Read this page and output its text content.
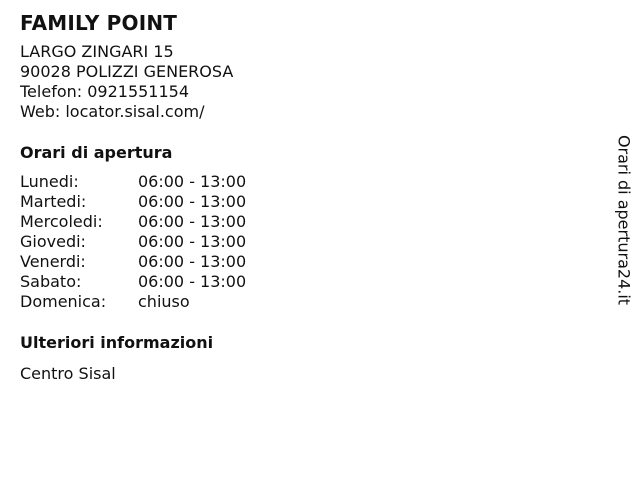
FAMILY POINT
LARGO ZINGARI 15
90028 POLIZZI GENEROSA
Telefon: 0921551154
Web: locator.sisal.com/
Orari di apertura
Lunedi:	06:00 - 13:00
Martedi:	06:00 - 13:00
Mercoledi:	06:00 - 13:00
Giovedi:	06:00 - 13:00
Venerdi:	06:00 - 13:00
Sabato:	06:00 - 13:00
Domenica:	chiuso
Ulteriori informazioni
Centro Sisal
Orari di apertura24.it
